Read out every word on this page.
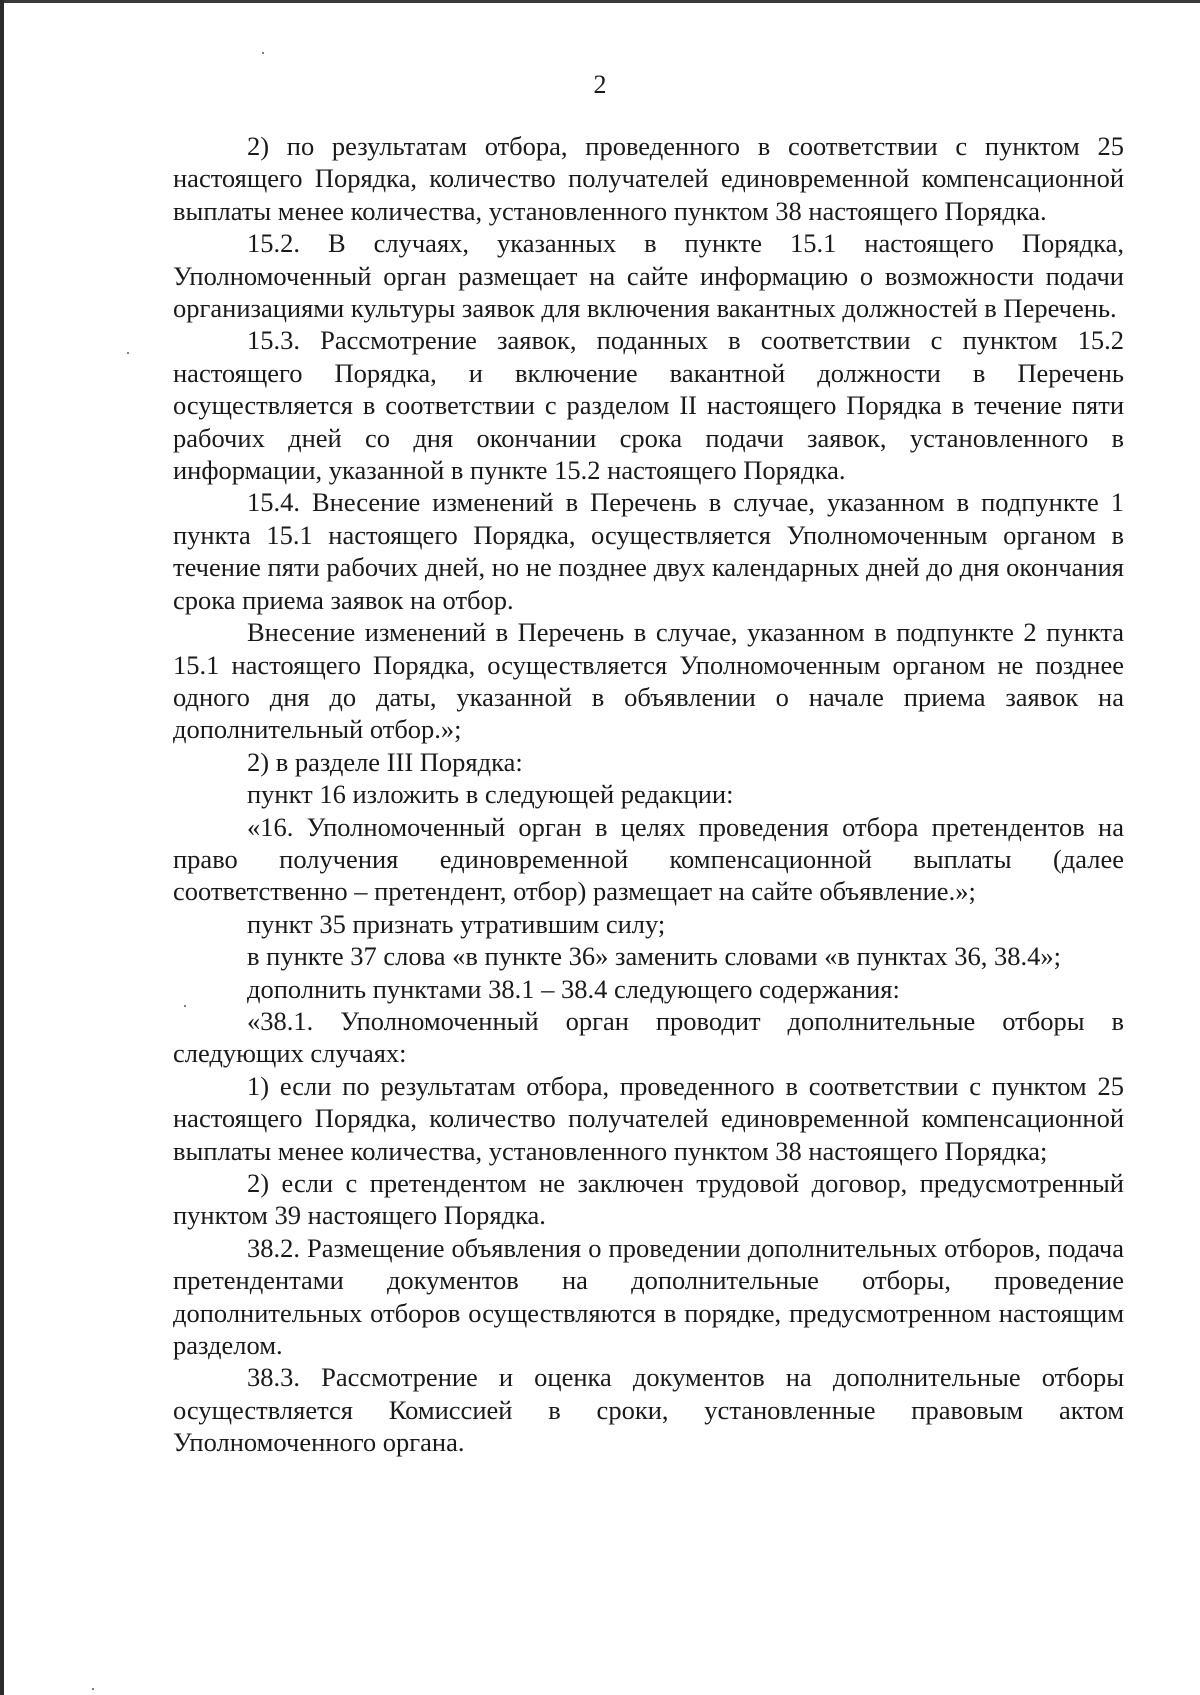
2

2) по результатам отбора, проведенного в соответствии с пунктом 25 настоящего Порядка, количество получателей единовременной компенсационной выплаты менее количества, установленного пунктом 38 настоящего Порядка.

15.2. В случаях, указанных в пункте 15.1 настоящего Порядка, Уполномоченный орган размещает на сайте информацию о возможности подачи организациями культуры заявок для включения вакантных должностей в Перечень.

15.3. Рассмотрение заявок, поданных в соответствии с пунктом 15.2 настоящего Порядка, и включение вакантной должности в Перечень осуществляется в соответствии с разделом II настоящего Порядка в течение пяти рабочих дней со дня окончании срока подачи заявок, установленного в информации, указанной в пункте 15.2 настоящего Порядка.

15.4. Внесение изменений в Перечень в случае, указанном в подпункте 1 пункта 15.1 настоящего Порядка, осуществляется Уполномоченным органом в течение пяти рабочих дней, но не позднее двух календарных дней до дня окончания срока приема заявок на отбор.

Внесение изменений в Перечень в случае, указанном в подпункте 2 пункта 15.1 настоящего Порядка, осуществляется Уполномоченным органом не позднее одного дня до даты, указанной в объявлении о начале приема заявок на дополнительный отбор.»;

2) в разделе III Порядка:

пункт 16 изложить в следующей редакции:

«16. Уполномоченный орган в целях проведения отбора претендентов на право получения единовременной компенсационной выплаты (далее соответственно – претендент, отбор) размещает на сайте объявление.»;

пункт 35 признать утратившим силу;

в пункте 37 слова «в пункте 36» заменить словами «в пунктах 36, 38.4»;

дополнить пунктами 38.1 – 38.4 следующего содержания:

«38.1. Уполномоченный орган проводит дополнительные отборы в следующих случаях:

1) если по результатам отбора, проведенного в соответствии с пунктом 25 настоящего Порядка, количество получателей единовременной компенсационной выплаты менее количества, установленного пунктом 38 настоящего Порядка;

2) если с претендентом не заключен трудовой договор, предусмотренный пунктом 39 настоящего Порядка.

38.2. Размещение объявления о проведении дополнительных отборов, подача претендентами документов на дополнительные отборы, проведение дополнительных отборов осуществляются в порядке, предусмотренном настоящим разделом.

38.3. Рассмотрение и оценка документов на дополнительные отборы осуществляется Комиссией в сроки, установленные правовым актом Уполномоченного органа.
